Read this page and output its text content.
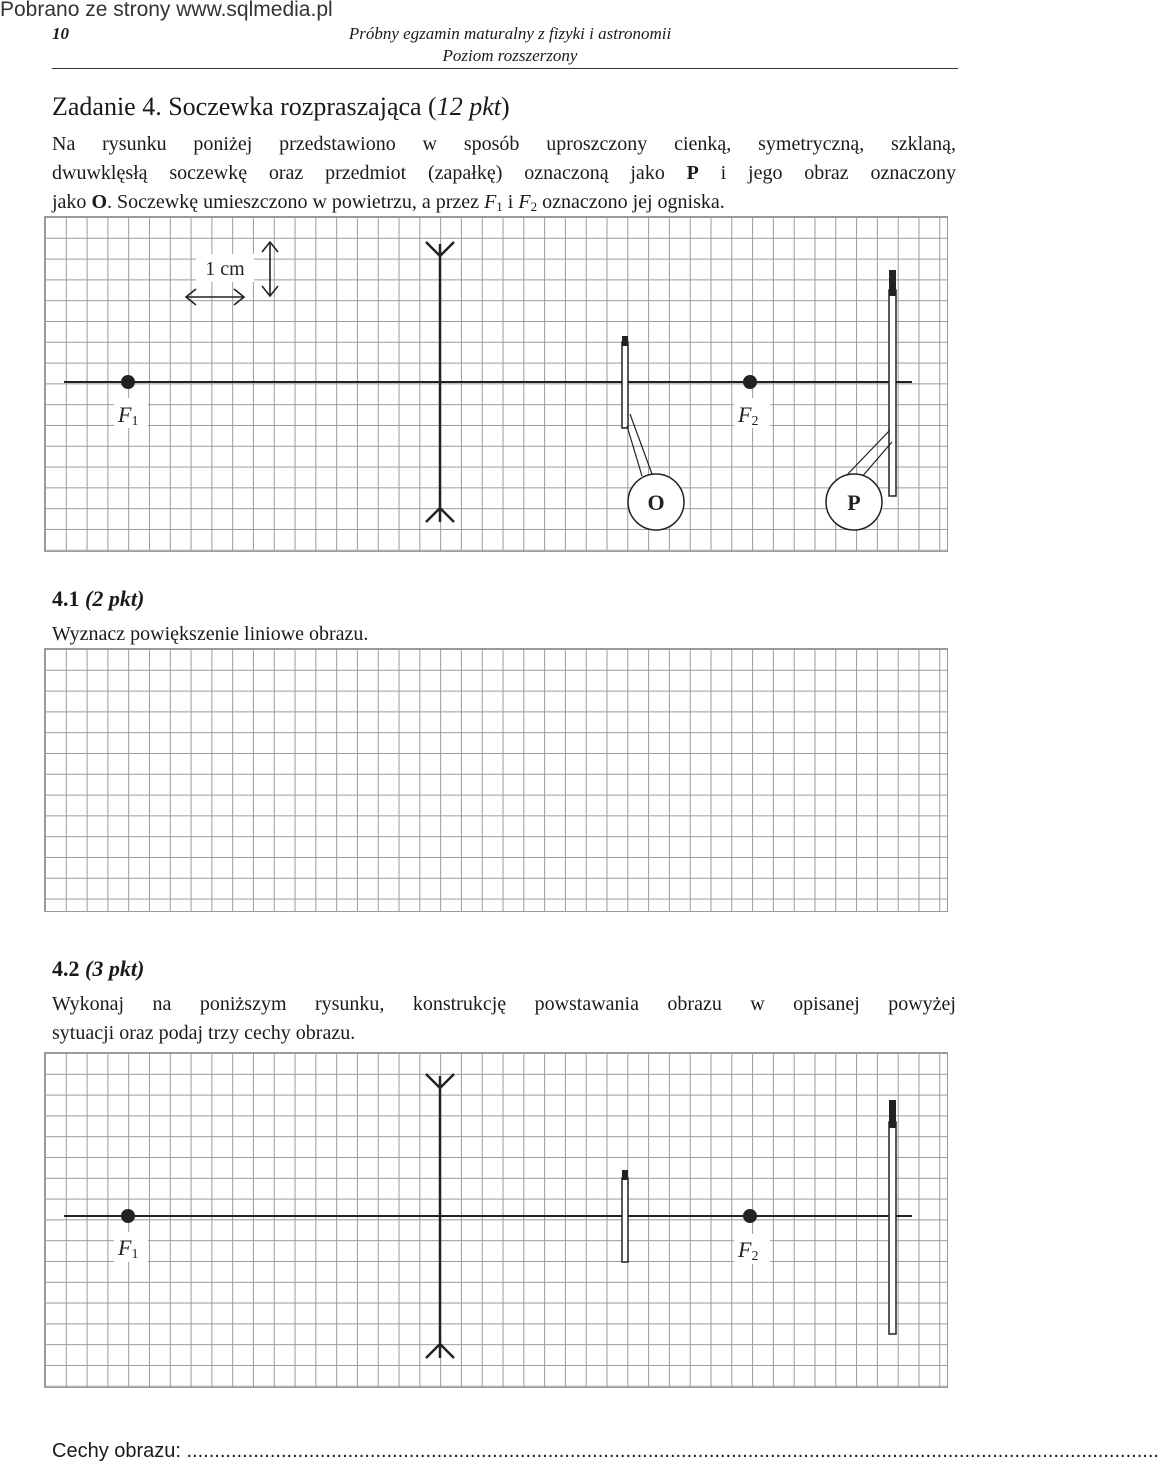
Pobrano ze strony www.sqlmedia.pl
10	Próbny egzamin maturalny z fizyki i astronomii
Poziom rozszerzony
Zadanie 4. Soczewka rozpraszająca (12 pkt)
Na rysunku poniżej przedstawiono w sposób uproszczony cienką, symetryczną, szklaną,
dwuwklęsłą soczewkę oraz przedmiot (zapałkę) oznaczoną jako P i jego obraz oznaczony
jako O. Soczewkę umieszczono w powietrzu, a przez $F_1$ i $F_2$ oznaczono jej ogniska.
1 cm
F1	F2
O	P
4.1 (2 pkt)
Wyznacz powiększenie liniowe obrazu.
4.2 (3 pkt)
Wykonaj na poniższym rysunku, konstrukcję powstawania obrazu w opisanej powyżej
sytuacji oraz podaj trzy cechy obrazu.
F1	F2
Cechy obrazu: ...............................................................................................................................................................................
